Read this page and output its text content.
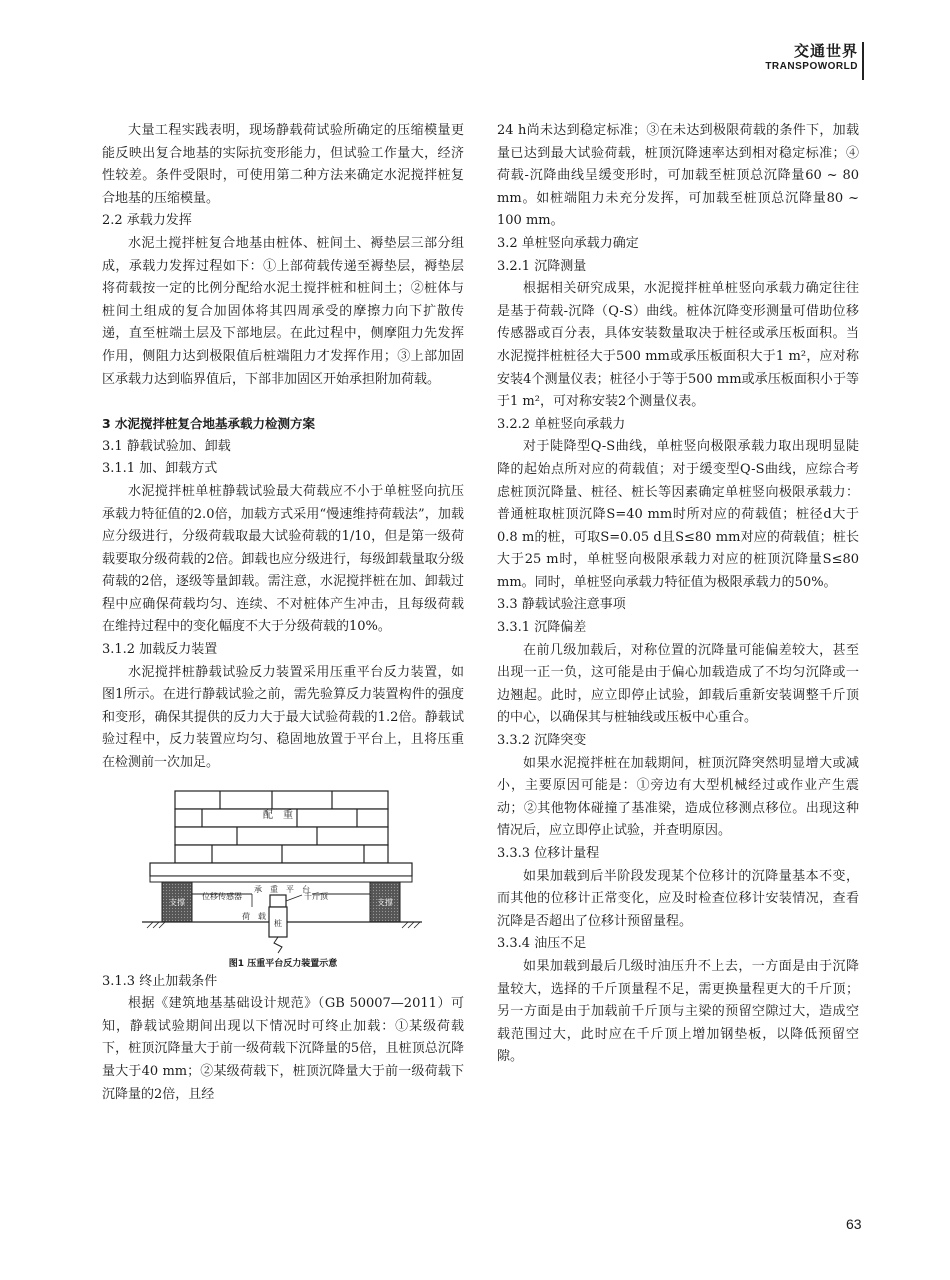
交通世界
TRANSPOWORLD

大量工程实践表明，现场静载荷试验所确定的压缩模量更能反映出复合地基的实际抗变形能力，但试验工作量大，经济性较差。条件受限时，可使用第二种方法来确定水泥搅拌桩复合地基的压缩模量。

2.2 承载力发挥

水泥土搅拌桩复合地基由桩体、桩间土、褥垫层三部分组成，承载力发挥过程如下：①上部荷载传递至褥垫层，褥垫层将荷载按一定的比例分配给水泥土搅拌桩和桩间土；②桩体与桩间土组成的复合加固体将其四周承受的摩擦力向下扩散传递，直至桩端土层及下部地层。在此过程中，侧摩阻力先发挥作用，侧阻力达到极限值后桩端阻力才发挥作用；③上部加固区承载力达到临界值后，下部非加固区开始承担附加荷载。

3 水泥搅拌桩复合地基承载力检测方案

3.1 静载试验加、卸载

3.1.1 加、卸载方式

水泥搅拌桩单桩静载试验最大荷载应不小于单桩竖向抗压承载力特征值的2.0倍，加载方式采用“慢速维持荷载法”，加载应分级进行，分级荷载取最大试验荷载的1/10，但是第一级荷载要取分级荷载的2倍。卸载也应分级进行，每级卸载量取分级荷载的2倍，逐级等量卸载。需注意，水泥搅拌桩在加、卸载过程中应确保荷载均匀、连续、不对桩体产生冲击，且每级荷载在维持过程中的变化幅度不大于分级荷载的10%。

3.1.2 加载反力装置

水泥搅拌桩静载试验反力装置采用压重平台反力装置，如图1所示。在进行静载试验之前，需先验算反力装置构件的强度和变形，确保其提供的反力大于最大试验荷载的1.2倍。静载试验过程中，反力装置应均匀、稳固地放置于平台上，且将压重在检测前一次加足。

配　重
承　重　平　台
支撑	支撑
千斤顶
位移传感器
荷　载
桩
图1 压重平台反力装置示意

3.1.3 终止加载条件

根据《建筑地基基础设计规范》（GB 50007—2011）可知，静载试验期间出现以下情况时可终止加载：①某级荷载下，桩顶沉降量大于前一级荷载下沉降量的5倍，且桩顶总沉降量大于40 mm；②某级荷载下，桩顶沉降量大于前一级荷载下沉降量的2倍，且经

24 h尚未达到稳定标准；③在未达到极限荷载的条件下，加载量已达到最大试验荷载，桩顶沉降速率达到相对稳定标准；④荷载-沉降曲线呈缓变形时，可加载至桩顶总沉降量60 ~ 80 mm。如桩端阻力未充分发挥，可加载至桩顶总沉降量80 ~ 100 mm。

3.2 单桩竖向承载力确定

3.2.1 沉降测量

根据相关研究成果，水泥搅拌桩单桩竖向承载力确定往往是基于荷载-沉降（Q-S）曲线。桩体沉降变形测量可借助位移传感器或百分表，具体安装数量取决于桩径或承压板面积。当水泥搅拌桩桩径大于500 mm或承压板面积大于1 m²，应对称安装4个测量仪表；桩径小于等于500 mm或承压板面积小于等于1 m²，可对称安装2个测量仪表。

3.2.2 单桩竖向承载力

对于陡降型Q-S曲线，单桩竖向极限承载力取出现明显陡降的起始点所对应的荷载值；对于缓变型Q-S曲线，应综合考虑桩顶沉降量、桩径、桩长等因素确定单桩竖向极限承载力：普通桩取桩顶沉降S=40 mm时所对应的荷载值；桩径d大于0.8 m的桩，可取S=0.05 d且S≤80 mm对应的荷载值；桩长大于25 m时，单桩竖向极限承载力对应的桩顶沉降量S≤80 mm。同时，单桩竖向承载力特征值为极限承载力的50%。

3.3 静载试验注意事项

3.3.1 沉降偏差

在前几级加载后，对称位置的沉降量可能偏差较大，甚至出现一正一负，这可能是由于偏心加载造成了不均匀沉降或一边翘起。此时，应立即停止试验，卸载后重新安装调整千斤顶的中心，以确保其与桩轴线或压板中心重合。

3.3.2 沉降突变

如果水泥搅拌桩在加载期间，桩顶沉降突然明显增大或减小，主要原因可能是：①旁边有大型机械经过或作业产生震动；②其他物体碰撞了基准梁，造成位移测点移位。出现这种情况后，应立即停止试验，并查明原因。

3.3.3 位移计量程

如果加载到后半阶段发现某个位移计的沉降量基本不变，而其他的位移计正常变化，应及时检查位移计安装情况，查看沉降是否超出了位移计预留量程。

3.3.4 油压不足

如果加载到最后几级时油压升不上去，一方面是由于沉降量较大，选择的千斤顶量程不足，需更换量程更大的千斤顶；另一方面是由于加载前千斤顶与主梁的预留空隙过大，造成空载范围过大，此时应在千斤顶上增加钢垫板，以降低预留空隙。

63
